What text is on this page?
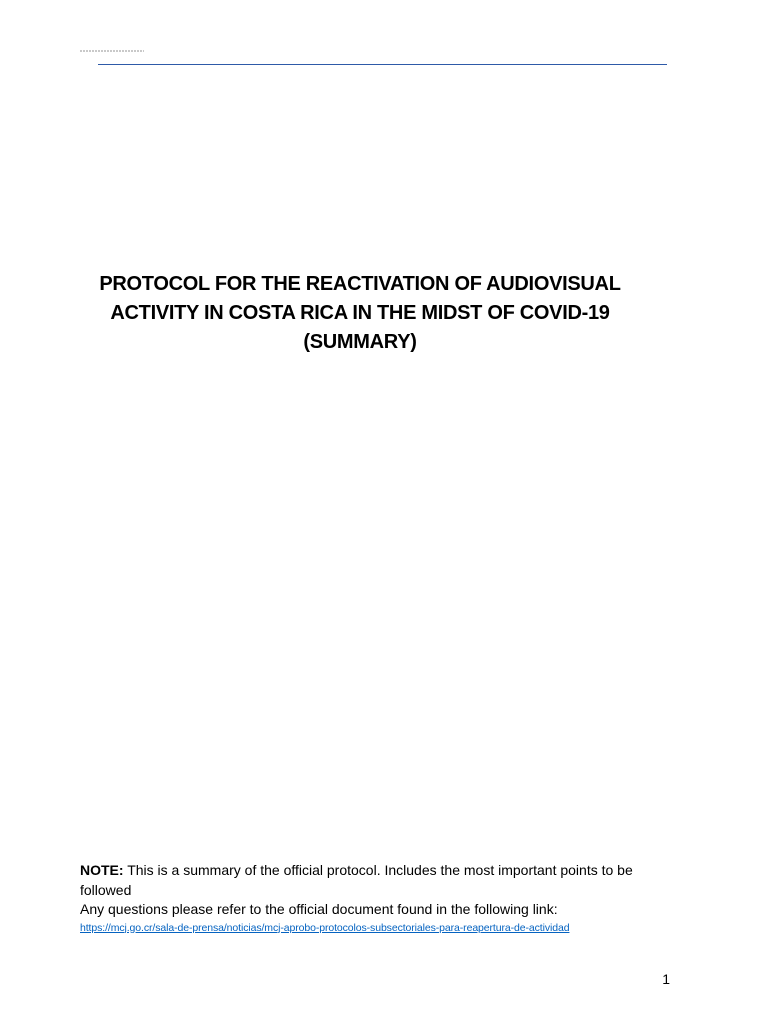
PROTOCOL FOR THE REACTIVATION OF AUDIOVISUAL
ACTIVITY IN COSTA RICA IN THE MIDST OF COVID-19
(SUMMARY)

NOTE: This is a summary of the official protocol. Includes the most important points to be followed

Any questions please refer to the official document found in the following link:

https://mcj.go.cr/sala-de-prensa/noticias/mcj-aprobo-protocolos-subsectoriales-para-reapertura-de-actividad
1
